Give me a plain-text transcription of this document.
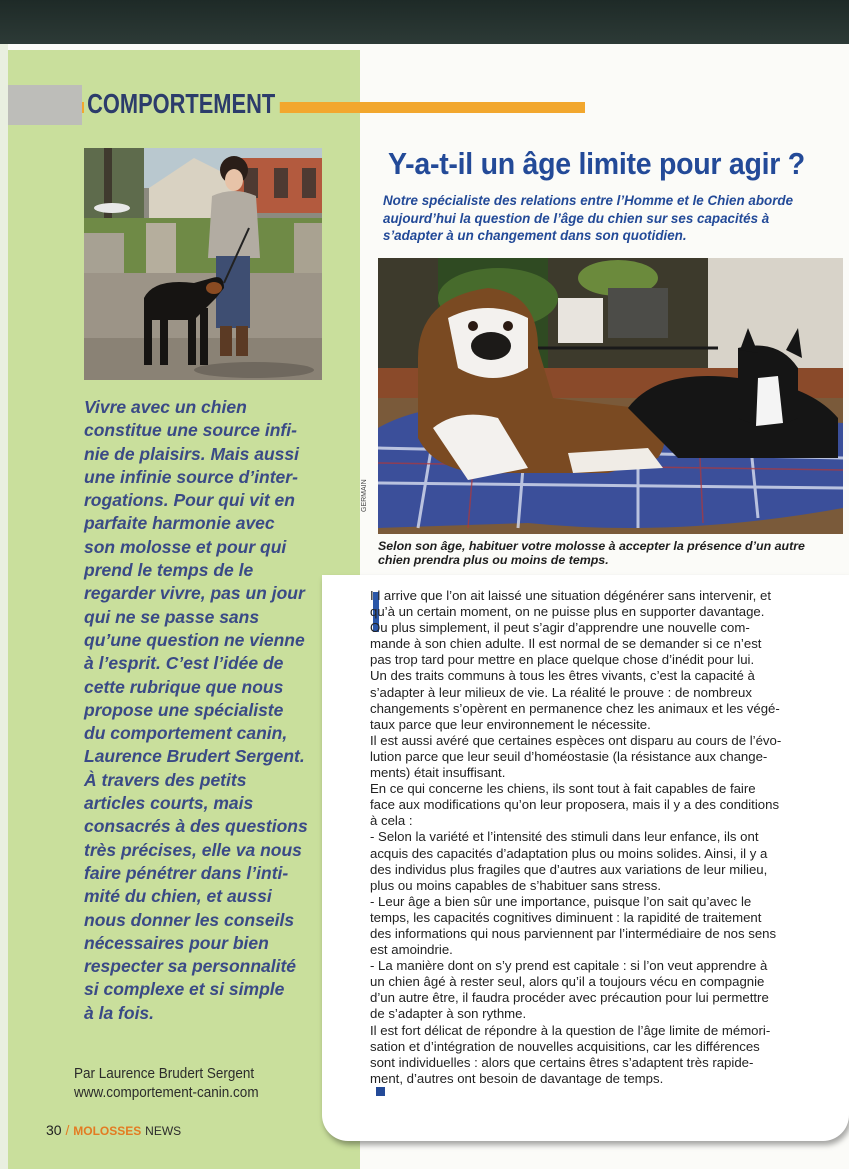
COMPORTEMENT
Vivre avec un chien
constitue une source infi-
nie de plaisirs. Mais aussi
une infinie source d’inter-
rogations. Pour qui vit en
parfaite harmonie avec
son molosse et pour qui
prend le temps de le
regarder vivre, pas un jour
qui ne se passe sans
qu’une question ne vienne
à l’esprit. C’est l’idée de
cette rubrique que nous
propose une spécialiste
du comportement canin,
Laurence Brudert Sergent.
À travers des petits
articles courts, mais
consacrés à des questions
très précises, elle va nous
faire pénétrer dans l’inti-
mité du chien, et aussi
nous donner les conseils
nécessaires pour bien
respecter sa personnalité
si complexe et si simple
à la fois.
Par Laurence Brudert Sergent
www.comportement-canin.com
30 / MOLOSSES NEWS
Y-a-t-il un âge limite pour agir ?
Notre spécialiste des relations entre l’Homme et le Chien aborde
aujourd’hui la question de l’âge du chien sur ses capacités à
s’adapter à un changement dans son quotidien.
GERMAIN
Selon son âge, habituer votre molosse à accepter la présence d’un autre
chien prendra plus ou moins de temps.
I l arrive que l’on ait laissé une situation dégénérer sans intervenir, et
qu’à un certain moment, on ne puisse plus en supporter davantage.
Ou plus simplement, il peut s’agir d’apprendre une nouvelle com-
mande à son chien adulte. Il est normal de se demander si ce n’est
pas trop tard pour mettre en place quelque chose d’inédit pour lui.
Un des traits communs à tous les êtres vivants, c’est la capacité à
s’adapter à leur milieux de vie. La réalité le prouve : de nombreux
changements s’opèrent en permanence chez les animaux et les végé-
taux parce que leur environnement le nécessite.
Il est aussi avéré que certaines espèces ont disparu au cours de l’évo-
lution parce que leur seuil d’homéostasie (la résistance aux change-
ments) était insuffisant.
En ce qui concerne les chiens, ils sont tout à fait capables de faire
face aux modifications qu’on leur proposera, mais il y a des conditions
à cela :
- Selon la variété et l’intensité des stimuli dans leur enfance, ils ont
acquis des capacités d’adaptation plus ou moins solides. Ainsi, il y a
des individus plus fragiles que d’autres aux variations de leur milieu,
plus ou moins capables de s’habituer sans stress.
- Leur âge a bien sûr une importance, puisque l’on sait qu’avec le
temps, les capacités cognitives diminuent : la rapidité de traitement
des informations qui nous parviennent par l’intermédiaire de nos sens
est amoindrie.
- La manière dont on s’y prend est capitale : si l’on veut apprendre à
un chien âgé à rester seul, alors qu’il a toujours vécu en compagnie
d’un autre être, il faudra procéder avec précaution pour lui permettre
de s’adapter à son rythme.
Il est fort délicat de répondre à la question de l’âge limite de mémori-
sation et d’intégration de nouvelles acquisitions, car les différences
sont individuelles : alors que certains êtres s’adaptent très rapide-
ment, d’autres ont besoin de davantage de temps.
